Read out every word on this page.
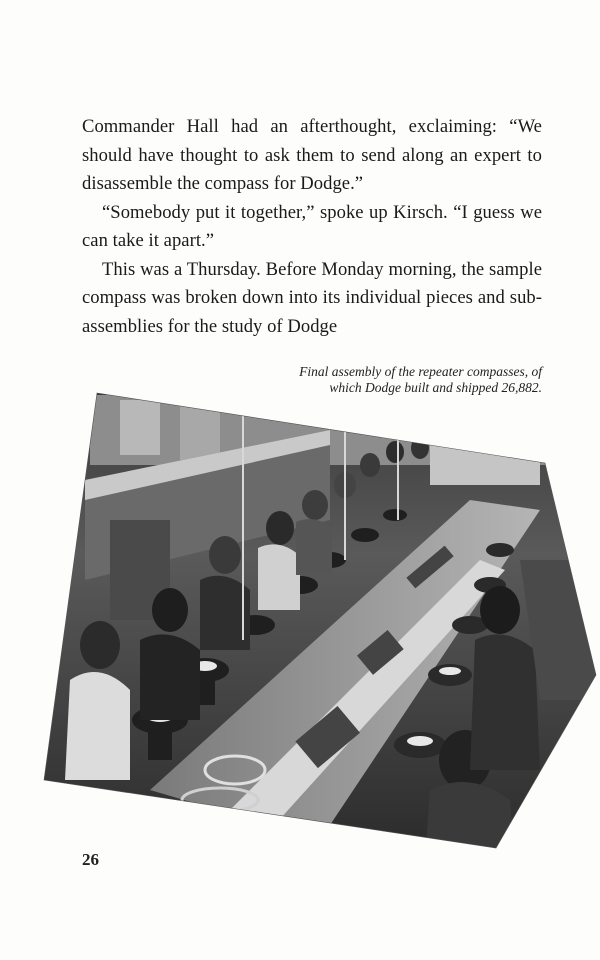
Commander Hall had an afterthought, exclaiming: “We should have thought to ask them to send along an expert to disassemble the compass for Dodge.”

“Somebody put it together,” spoke up Kirsch. “I guess we can take it apart.”

This was a Thursday. Before Monday morning, the sample compass was broken down into its individual pieces and sub-assemblies for the study of Dodge

Final assembly of the repeater compasses, of which Dodge built and shipped 26,882.
26
